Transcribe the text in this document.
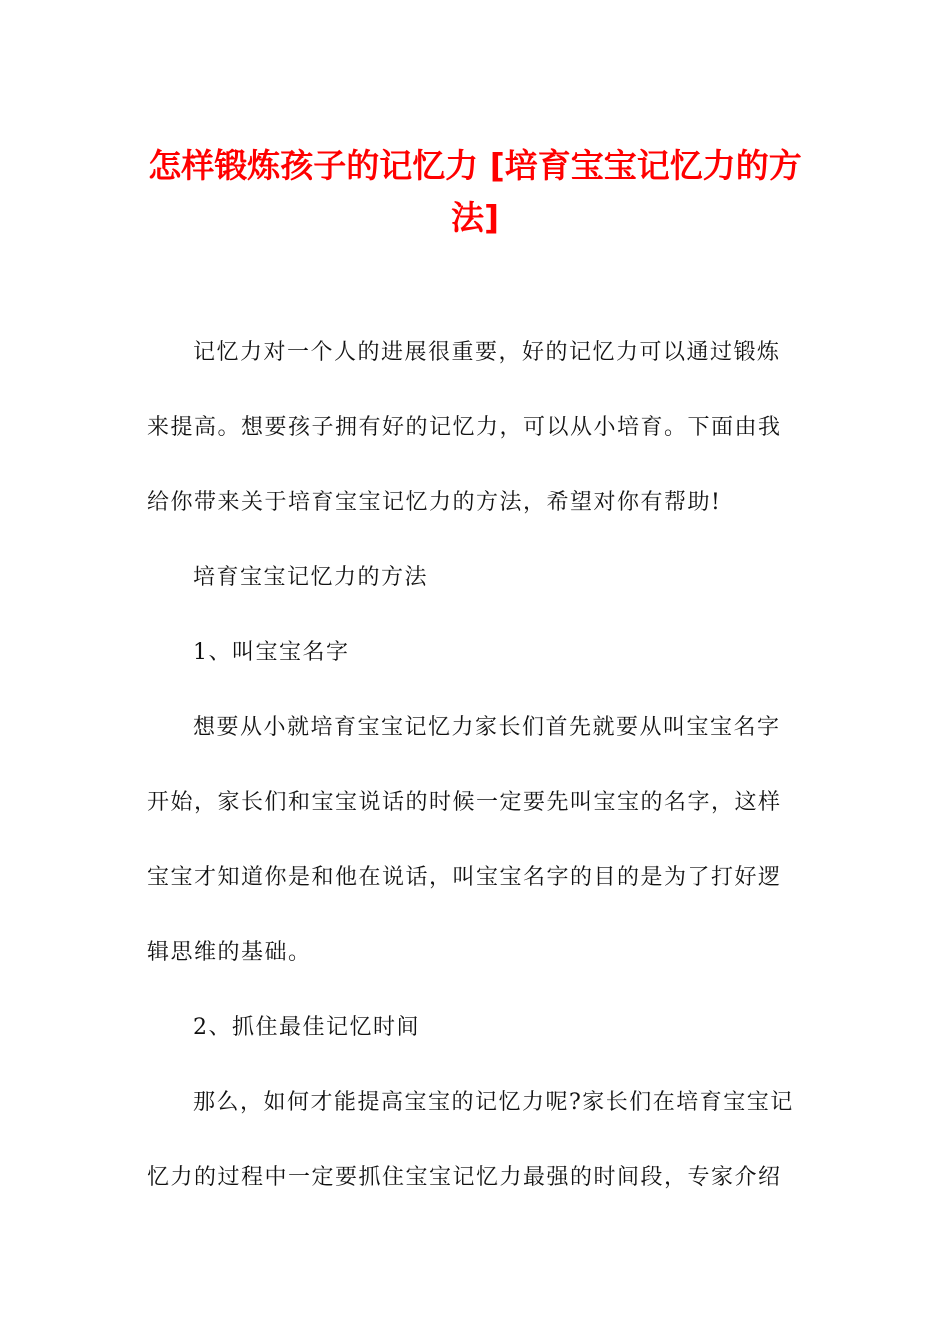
怎样锻炼孩子的记忆力 [培育宝宝记忆力的方
法]
记忆力对一个人的进展很重要，好的记忆力可以通过锻炼
来提高。想要孩子拥有好的记忆力，可以从小培育。下面由我
给你带来关于培育宝宝记忆力的方法，希望对你有帮助!
培育宝宝记忆力的方法
1、叫宝宝名字
想要从小就培育宝宝记忆力家长们首先就要从叫宝宝名字
开始，家长们和宝宝说话的时候一定要先叫宝宝的名字，这样
宝宝才知道你是和他在说话，叫宝宝名字的目的是为了打好逻
辑思维的基础。
2、抓住最佳记忆时间
那么，如何才能提高宝宝的记忆力呢?家长们在培育宝宝记
忆力的过程中一定要抓住宝宝记忆力最强的时间段，专家介绍
